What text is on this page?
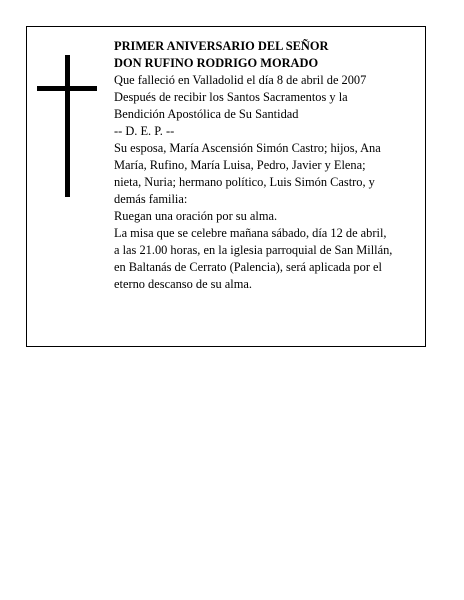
PRIMER ANIVERSARIO DEL SEÑOR
DON RUFINO RODRIGO MORADO
Que falleció en Valladolid el día 8 de abril de 2007
Después de recibir los Santos Sacramentos y la
Bendición Apostólica de Su Santidad
-- D. E. P. --
Su esposa, María Ascensión Simón Castro; hijos, Ana
María, Rufino, María Luisa, Pedro, Javier y Elena;
nieta, Nuria; hermano político, Luis Simón Castro, y
demás familia:
Ruegan una oración por su alma.
La misa que se celebre mañana sábado, día 12 de abril,
a las 21.00 horas, en la iglesia parroquial de San Millán,
en Baltanás de Cerrato (Palencia), será aplicada por el
eterno descanso de su alma.
